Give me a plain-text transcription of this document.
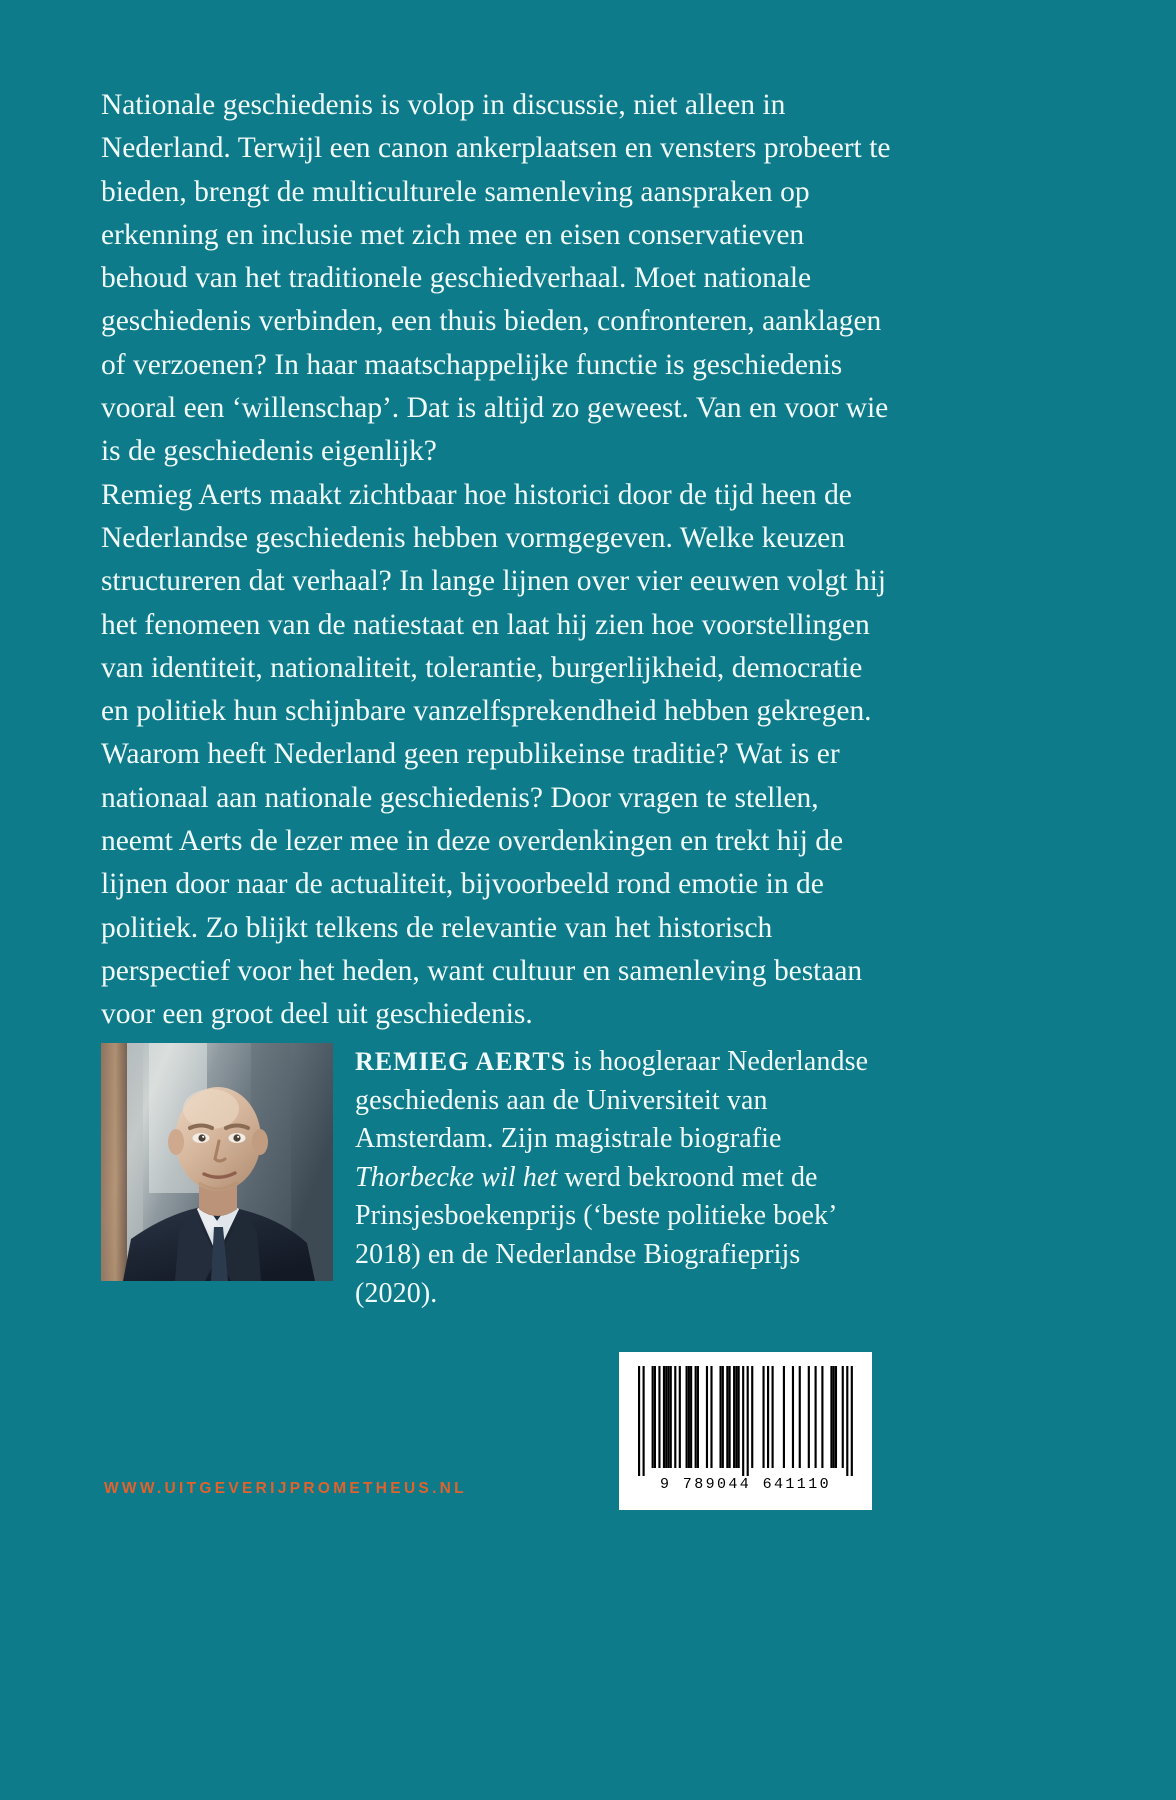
Nationale geschiedenis is volop in discussie, niet alleen in Nederland. Terwijl een canon ankerplaatsen en vensters probeert te bieden, brengt de multiculturele samenleving aanspraken op erkenning en inclusie met zich mee en eisen conservatieven behoud van het traditionele geschiedverhaal. Moet nationale geschiedenis verbinden, een thuis bieden, confronteren, aanklagen of verzoenen? In haar maatschappelijke functie is geschiedenis vooral een ‘willenschap’. Dat is altijd zo geweest. Van en voor wie is de geschiedenis eigenlijk?

Remieg Aerts maakt zichtbaar hoe historici door de tijd heen de Nederlandse geschiedenis hebben vormgegeven. Welke keuzen structureren dat verhaal? In lange lijnen over vier eeuwen volgt hij het fenomeen van de natiestaat en laat hij zien hoe voorstellingen van identiteit, nationaliteit, tolerantie, burgerlijkheid, democratie en politiek hun schijnbare vanzelfsprekendheid hebben gekregen. Waarom heeft Nederland geen republikeinse traditie? Wat is er nationaal aan nationale geschiedenis? Door vragen te stellen, neemt Aerts de lezer mee in deze overdenkingen en trekt hij de lijnen door naar de actualiteit, bijvoorbeeld rond emotie in de politiek. Zo blijkt telkens de relevantie van het historisch perspectief voor het heden, want cultuur en samenleving bestaan voor een groot deel uit geschiedenis.

REMIEG AERTS is hoogleraar Nederlandse geschiedenis aan de Universiteit van Amsterdam. Zijn magistrale biografie Thorbecke wil het werd bekroond met de Prinsjesboekenprijs (‘beste politieke boek’ 2018) en de Nederlandse Biografieprijs (2020).
9 789044 641110
WWW.UITGEVERIJPROMETHEUS.NL
